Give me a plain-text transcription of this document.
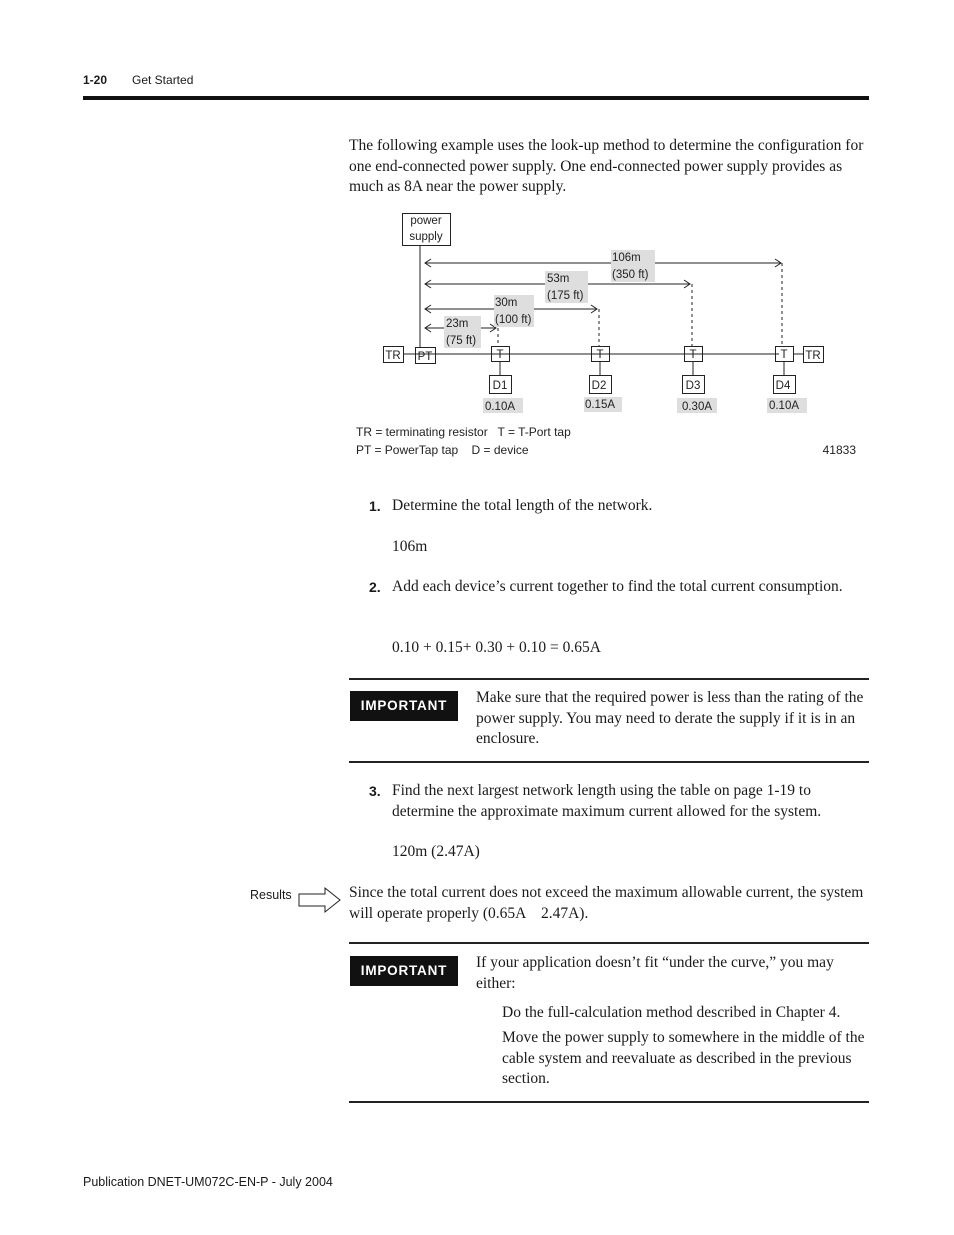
1-20 Get Started
The following example uses the look-up method to determine the configuration for one end-connected power supply. One end-connected power supply provides as much as 8A near the power supply.
power
supply
106m
(350 ft)
53m
(175 ft)
30m
(100 ft)
23m
(75 ft)
TR PT	T	T	T	T TR
D1	D2	D3	D4
0.10A	0.15A	0.30A	0.10A
TR = terminating resistor   T = T-Port tap
PT = PowerTap tap    D = device	41833
1. Determine the total length of the network.
106m
2. Add each device’s current together to find the total current consumption.
0.10 + 0.15+ 0.30 + 0.10 = 0.65A
IMPORTANT	Make sure that the required power is less than the rating of the power supply. You may need to derate the supply if it is in an enclosure.
3. Find the next largest network length using the table on page 1-19 to determine the approximate maximum current allowed for the system.
120m (2.47A)
Results	Since the total current does not exceed the maximum allowable current, the system will operate properly (0.65A    2.47A).
IMPORTANT	If your application doesn’t fit “under the curve,” you may either:
Do the full-calculation method described in Chapter 4.
Move the power supply to somewhere in the middle of the cable system and reevaluate as described in the previous section.
Publication DNET-UM072C-EN-P - July 2004
